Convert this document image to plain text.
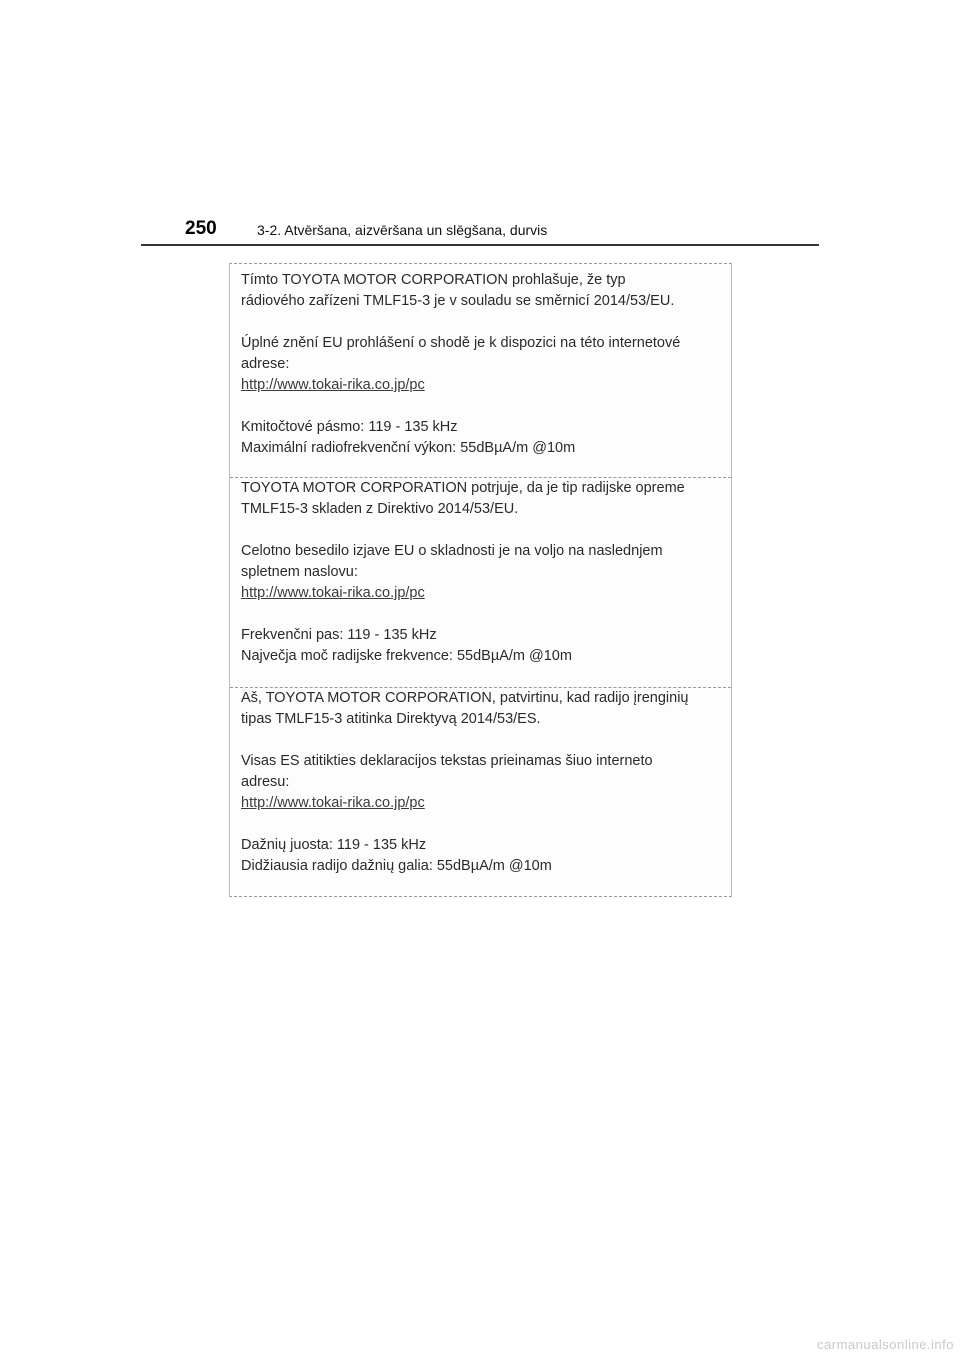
250	3-2. Atvēršana, aizvēršana un slēgšana, durvis
Tímto TOYOTA MOTOR CORPORATION prohlašuje, že typ
rádiového zařízeni TMLF15-3 je v souladu se směrnicí 2014/53/EU.
Úplné znění EU prohlášení o shodě je k dispozici na této internetové
adrese:
http://www.tokai-rika.co.jp/pc
Kmitočtové pásmo: 119 - 135 kHz
Maximální radiofrekvenční výkon: 55dBµA/m @10m
TOYOTA MOTOR CORPORATION potrjuje, da je tip radijske opreme
TMLF15-3 skladen z Direktivo 2014/53/EU.
Celotno besedilo izjave EU o skladnosti je na voljo na naslednjem
spletnem naslovu:
http://www.tokai-rika.co.jp/pc
Frekvenčni pas: 119 - 135 kHz
Največja moč radijske frekvence: 55dBµA/m @10m
Aš, TOYOTA MOTOR CORPORATION, patvirtinu, kad radijo įrenginių
tipas TMLF15-3 atitinka Direktyvą 2014/53/ES.
Visas ES atitikties deklaracijos tekstas prieinamas šiuo interneto
adresu:
http://www.tokai-rika.co.jp/pc
Dažnių juosta: 119 - 135 kHz
Didžiausia radijo dažnių galia: 55dBµA/m @10m
carmanualsonline.info
